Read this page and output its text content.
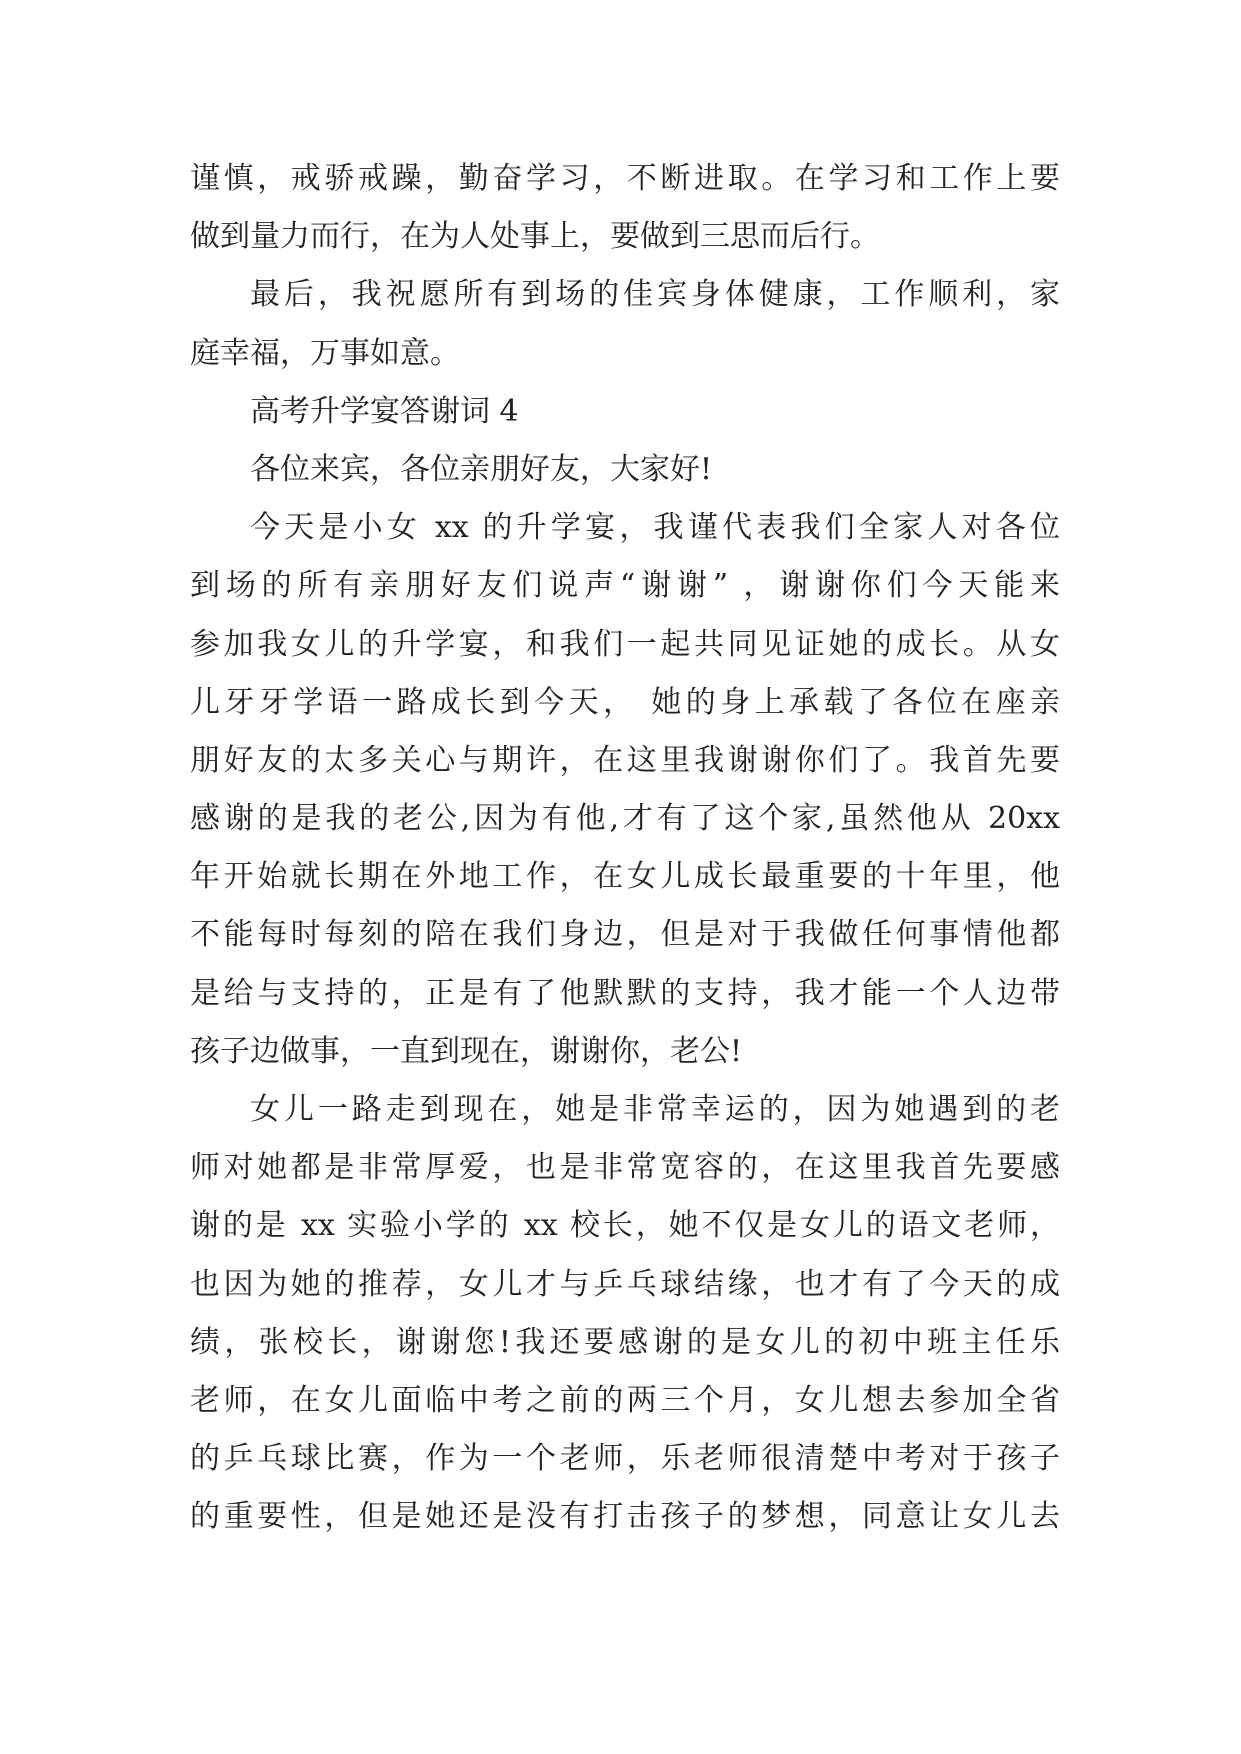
谨慎，戒骄戒躁，勤奋学习，不断进取。在学习和工作上要
做到量力而行，在为人处事上，要做到三思而后行。
最后，我祝愿所有到场的佳宾身体健康，工作顺利，家
庭幸福，万事如意。
高考升学宴答谢词 4
各位来宾，各位亲朋好友，大家好!
今天是小女 xx 的升学宴，我谨代表我们全家人对各位
到场的所有亲朋好友们说声“谢谢” ，谢谢你们今天能来
参加我女儿的升学宴，和我们一起共同见证她的成长。从女
儿牙牙学语一路成长到今天， 她的身上承载了各位在座亲
朋好友的太多关心与期许，在这里我谢谢你们了。我首先要
感谢的是我的老公,因为有他,才有了这个家,虽然他从 20xx
年开始就长期在外地工作，在女儿成长最重要的十年里，他
不能每时每刻的陪在我们身边，但是对于我做任何事情他都
是给与支持的，正是有了他默默的支持，我才能一个人边带
孩子边做事，一直到现在，谢谢你，老公!
女儿一路走到现在，她是非常幸运的，因为她遇到的老
师对她都是非常厚爱，也是非常宽容的，在这里我首先要感
谢的是 xx 实验小学的 xx 校长，她不仅是女儿的语文老师，
也因为她的推荐，女儿才与乒乓球结缘，也才有了今天的成
绩，张校长，谢谢您!我还要感谢的是女儿的初中班主任乐
老师，在女儿面临中考之前的两三个月，女儿想去参加全省
的乒乓球比赛，作为一个老师，乐老师很清楚中考对于孩子
的重要性，但是她还是没有打击孩子的梦想，同意让女儿去
